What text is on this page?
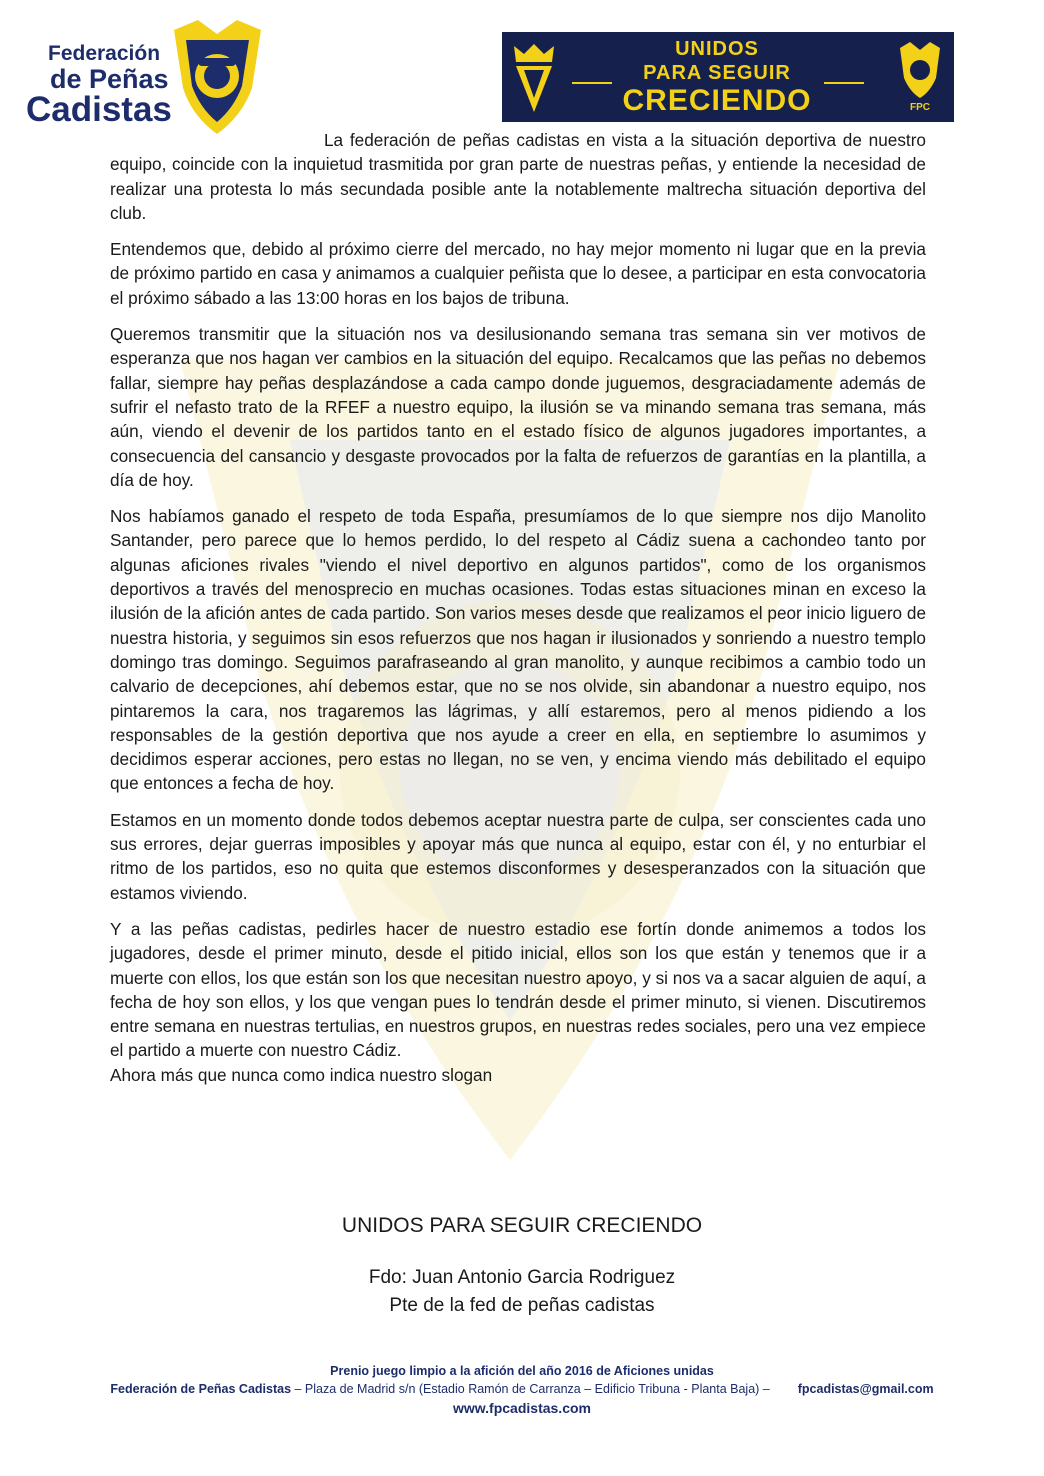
Federación
de Peñas
Cadistas
UNIDOS
PARA SEGUIR
CRECIENDO	FPC

La federación de peñas cadistas en vista a la situación deportiva de nuestro equipo, coincide con la inquietud trasmitida por gran parte de nuestras peñas, y entiende la necesidad de realizar una protesta lo más secundada posible ante la notablemente maltrecha situación deportiva del club.

Entendemos que, debido al próximo cierre del mercado, no hay mejor momento ni lugar que en la previa de próximo partido en casa y animamos a cualquier peñista que lo desee, a participar en esta convocatoria el próximo sábado a las 13:00 horas en los bajos de tribuna.

Queremos transmitir que la situación nos va desilusionando semana tras semana sin ver motivos de esperanza que nos hagan ver cambios en la situación del equipo. Recalcamos que las peñas no debemos fallar, siempre hay peñas desplazándose a cada campo donde juguemos, desgraciadamente además de sufrir el nefasto trato de la RFEF a nuestro equipo, la ilusión se va minando semana tras semana, más aún, viendo el devenir de los partidos tanto en el estado físico de algunos jugadores importantes, a consecuencia del cansancio y desgaste provocados por la falta de refuerzos de garantías en la plantilla, a día de hoy.

Nos habíamos ganado el respeto de toda España, presumíamos de lo que siempre nos dijo Manolito Santander, pero parece que lo hemos perdido, lo del respeto al Cádiz suena a cachondeo tanto por algunas aficiones rivales "viendo el nivel deportivo en algunos partidos", como de los organismos deportivos a través del menosprecio en muchas ocasiones. Todas estas situaciones minan en exceso la ilusión de la afición antes de cada partido. Son varios meses desde que realizamos el peor inicio liguero de nuestra historia, y seguimos sin esos refuerzos que nos hagan ir ilusionados y sonriendo a nuestro templo domingo tras domingo. Seguimos parafraseando al gran manolito, y aunque recibimos a cambio todo un calvario de decepciones, ahí debemos estar, que no se nos olvide, sin abandonar a nuestro equipo, nos pintaremos la cara, nos tragaremos las lágrimas, y allí estaremos, pero al menos pidiendo a los responsables de la gestión deportiva que nos ayude a creer en ella, en septiembre lo asumimos y decidimos esperar acciones, pero estas no llegan, no se ven, y encima viendo más debilitado el equipo que entonces a fecha de hoy.

Estamos en un momento donde todos debemos aceptar nuestra parte de culpa, ser conscientes cada uno sus errores, dejar guerras imposibles y apoyar más que nunca al equipo, estar con él, y no enturbiar el ritmo de los partidos, eso no quita que estemos disconformes y desesperanzados con la situación que estamos viviendo.

Y a las peñas cadistas, pedirles hacer de nuestro estadio ese fortín donde animemos a todos los jugadores, desde el primer minuto, desde el pitido inicial, ellos son los que están y tenemos que ir a muerte con ellos, los que están son los que necesitan nuestro apoyo, y si nos va a sacar alguien de aquí, a fecha de hoy son ellos, y los que vengan pues lo tendrán desde el primer minuto, si vienen. Discutiremos entre semana en nuestras tertulias, en nuestros grupos, en nuestras redes sociales, pero una vez empiece el partido a muerte con nuestro Cádiz.

Ahora más que nunca como indica nuestro slogan

UNIDOS PARA SEGUIR CRECIENDO
Fdo: Juan Antonio Garcia Rodriguez
Pte de la fed de peñas cadistas
Prenio juego limpio a la afición del año 2016 de Aficiones unidas
Federación de Peñas Cadistas – Plaza de Madrid s/n (Estadio Ramón de Carranza – Edificio Tribuna - Planta Baja) – fpcadistas@gmail.com
www.fpcadistas.com
